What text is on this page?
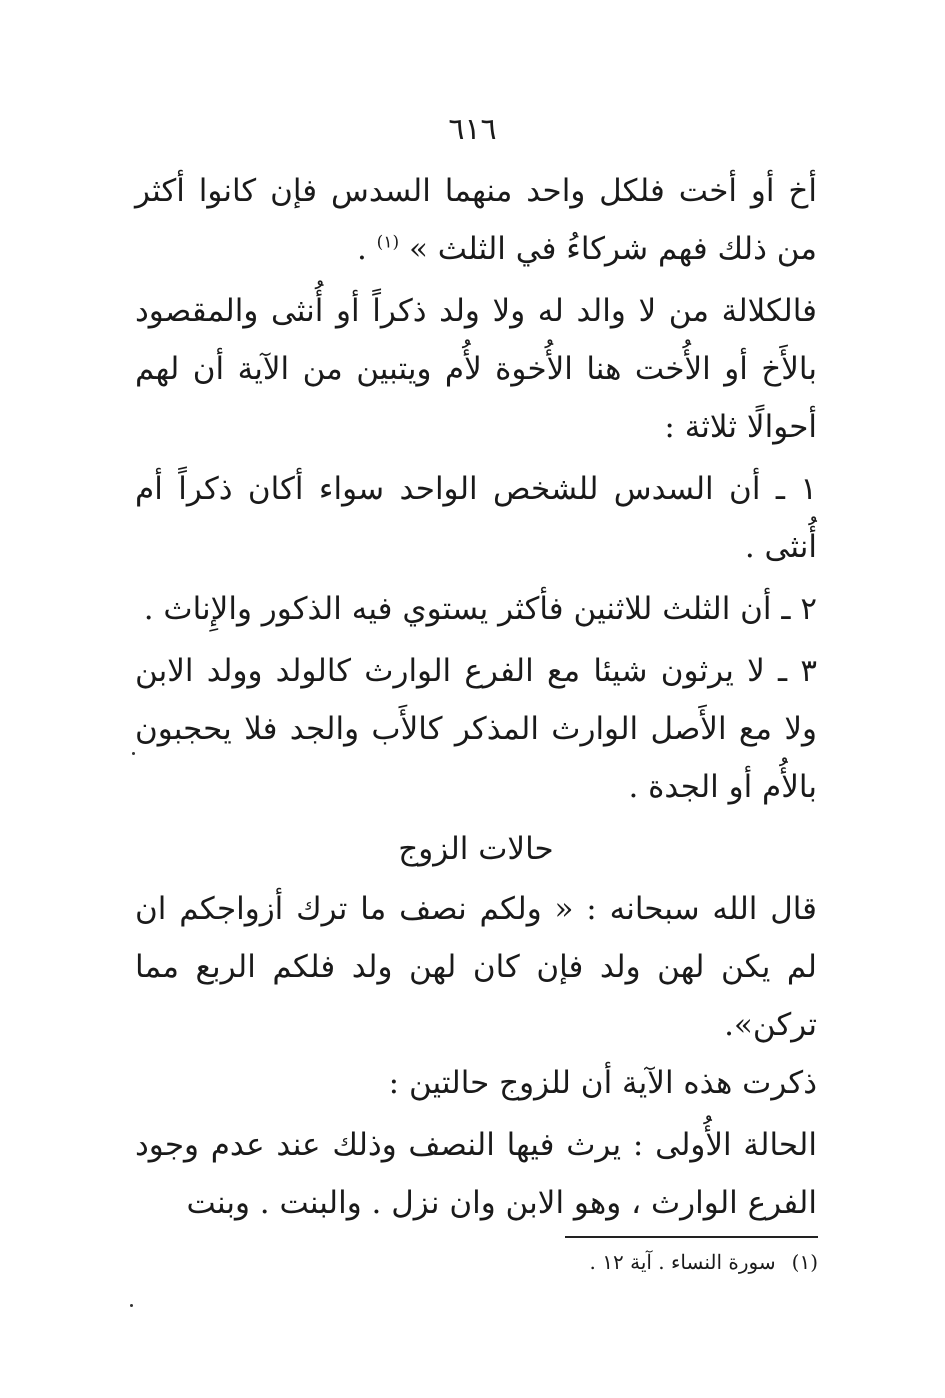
٦١٦

أخ أو أخت فلكل واحد منهما السدس فإن كانوا أكثر من ذلك فهم شركاءُ في الثلث » $^{(١)}$ .

فالكلالة من لا والد له ولا ولد ذكراً أو أُنثى والمقصود بالأَخ أو الأُخت هنا الأُخوة لأُم ويتبين من الآية أن لهم أحوالًا ثلاثة :

١ ـ أن السدس للشخص الواحد سواء أكان ذكراً أم أُنثى .

٢ ـ أن الثلث للاثنين فأكثر يستوي فيه الذكور والإِناث .

٣ ـ لا يرثون شيئا مع الفرع الوارث كالولد وولد الابن ولا مع الأَصل الوارث المذكر كالأَب والجد فلا يحجبون بالأُم أو الجدة .

حالات الزوج

قال الله سبحانه : « ولكم نصف ما ترك أزواجكم ان لم يكن لهن ولد فإن كان لهن ولد فلكم الربع مما تركن».

ذكرت هذه الآية أن للزوج حالتين :

الحالة الأُولى : يرث فيها النصف وذلك عند عدم وجود الفرع الوارث ، وهو الابن وان نزل . والبنت . وبنت

(١)سورة النساء . آية ١٢ .
